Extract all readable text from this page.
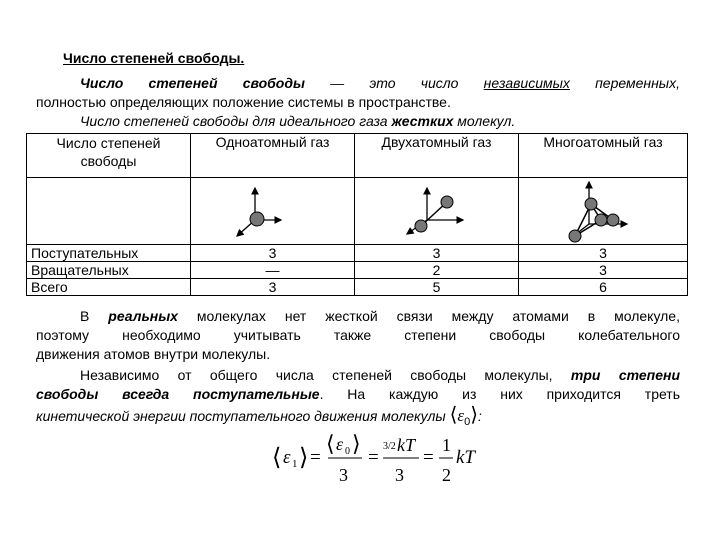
Число степеней свободы.
Число степеней свободы — это число независимых переменных,
полностью определяющих положение системы в пространстве.
Число степеней свободы для идеального газа жестких молекул.
Число степеней свободы	Одноатомный газ	Двухатомный газ	Многоатомный газ

Поступательных	3	3	3
Вращательных	—	2	3
Всего	3	5	6
В реальных молекулах нет жесткой связи между атомами в молекуле,
поэтому необходимо учитывать также степени свободы колебательного
движения атомов внутри молекулы.
Независимо от общего числа степеней свободы молекулы, три степени
свободы всегда поступательные. На каждую из них приходится треть
кинетической энергии поступательного движения молекулы $⟨\varepsilon_0⟩$:
⟨ ε 1 ⟩ =
⟨ ε 0 ⟩
3
=
3/2 kT
3
=
1
2
kT
